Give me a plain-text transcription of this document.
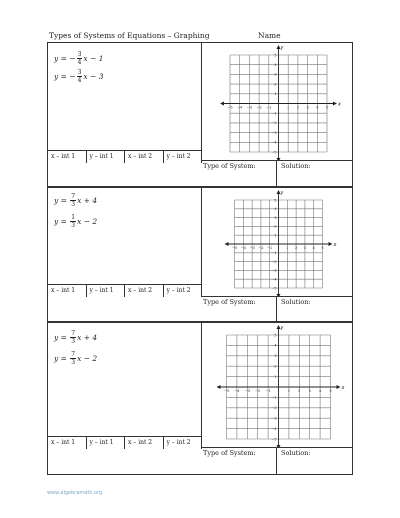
Types of Systems of Equations – Graphing	Name
y = − $\frac{3}{4}$ x − 1
y = − $\frac{3}{4}$ x − 3
x
y
−5 −4 −3 −2 −1	1 2 3 4 5
5
4
3
2
1
−1
−2
−3
−4
−5
x – int 1	y – int 1	x – int 2	y – int 2
Type of System:	Solution:
$y = \frac{7}{3}$ x + 4
$y = \frac{1}{3}$ x − 2
x
y
−5 −4 −3 −2 −1	1 2 3 4 5
5
4
3
2
1
−1
−2
−3
−4
−5
x – int 1	y – int 1	x – int 2	y – int 2
Type of System:	Solution:
$y = \frac{7}{3}$ x + 4
$y = \frac{7}{3}$ x − 2
x
y
−5 −4 −3 −2 −1	1 2 3 4 5
5
4
3
2
1
−1
−2
−3
−4
−5
x – int 1	y – int 1	x – int 2	y – int 2
Type of System:	Solution:
www.algebramath.org
